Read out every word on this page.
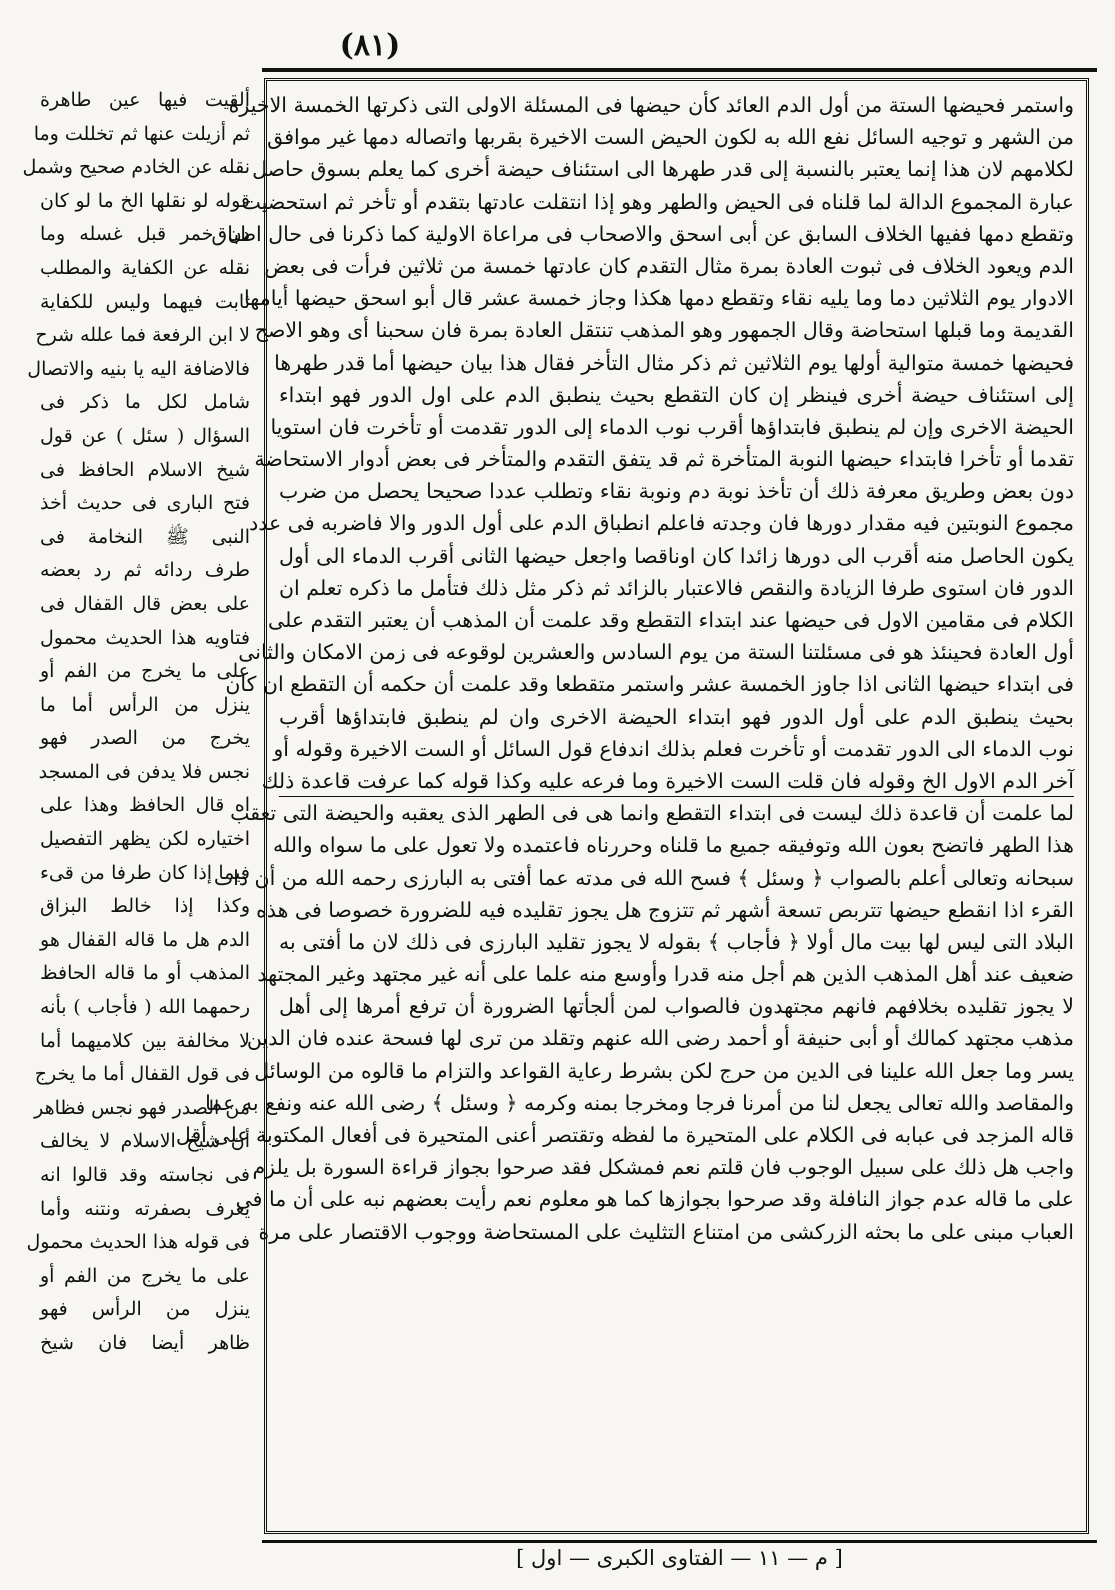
(٨١)
واستمر فحيضها الستة من أول الدم العائد كأن حيضها فى المسئلة الاولى التى ذكرتها الخمسة الاخيرة
من الشهر و توجيه السائل نفع الله به لكون الحيض الست الاخيرة بقربها واتصاله دمها غير موافق
لكلامهم لان هذا إنما يعتبر بالنسبة إلى قدر طهرها الى استئناف حيضة أخرى كما يعلم بسوق حاصل
عبارة المجموع الدالة لما قلناه فى الحيض والطهر وهو إذا انتقلت عادتها بتقدم أو تأخر ثم استحضيت
وتقطع دمها ففيها الخلاف السابق عن أبى اسحق والاصحاب فى مراعاة الاولية كما ذكرنا فى حال اطباق
الدم ويعود الخلاف فى ثبوت العادة بمرة مثال التقدم كان عادتها خمسة من ثلاثين فرأت فى بعض
الادوار يوم الثلاثين دما وما يليه نقاء وتقطع دمها هكذا وجاز خمسة عشر قال أبو اسحق حيضها أيامها
القديمة وما قبلها استحاضة وقال الجمهور وهو المذهب تنتقل العادة بمرة فان سحبنا أى وهو الاصح
فحيضها خمسة متوالية أولها يوم الثلاثين ثم ذكر مثال التأخر فقال هذا بيان حيضها أما قدر طهرها
إلى استئناف حيضة أخرى فينظر إن كان التقطع بحيث ينطبق الدم على اول الدور فهو ابتداء
الحيضة الاخرى وإن لم ينطبق فابتداؤها أقرب نوب الدماء إلى الدور تقدمت أو تأخرت فان استويا
تقدما أو تأخرا فابتداء حيضها النوبة المتأخرة ثم قد يتفق التقدم والمتأخر فى بعض أدوار الاستحاضة
دون بعض وطريق معرفة ذلك أن تأخذ نوبة دم ونوبة نقاء وتطلب عددا صحيحا يحصل من ضرب
مجموع النوبتين فيه مقدار دورها فان وجدته فاعلم انطباق الدم على أول الدور والا فاضربه فى عدد
يكون الحاصل منه أقرب الى دورها زائدا كان اوناقصا واجعل حيضها الثانى أقرب الدماء الى أول
الدور فان استوى طرفا الزيادة والنقص فالاعتبار بالزائد ثم ذكر مثل ذلك فتأمل ما ذكره تعلم ان
الكلام فى مقامين الاول فى حيضها عند ابتداء التقطع وقد علمت أن المذهب أن يعتبر التقدم على
أول العادة فحينئذ هو فى مسئلتنا الستة من يوم السادس والعشرين لوقوعه فى زمن الامكان والثانى
فى ابتداء حيضها الثانى اذا جاوز الخمسة عشر واستمر متقطعا وقد علمت أن حكمه أن التقطع ان كان
بحيث ينطبق الدم على أول الدور فهو ابتداء الحيضة الاخرى وان لم ينطبق فابتداؤها أقرب
نوب الدماء الى الدور تقدمت أو تأخرت فعلم بذلك اندفاع قول السائل أو الست الاخيرة وقوله أو
آخر الدم الاول الخ وقوله فان قلت الست الاخيرة وما فرعه عليه وكذا قوله كما عرفت قاعدة ذلك
لما علمت أن قاعدة ذلك ليست فى ابتداء التقطع وانما هى فى الطهر الذى يعقبه والحيضة التى تعقب
هذا الطهر فاتضح بعون الله وتوفيقه جميع ما قلناه وحررناه فاعتمده ولا تعول على ما سواه والله
سبحانه وتعالى أعلم بالصواب ﴿ وسئل ﴾ فسح الله فى مدته عما أفتى به البارزى رحمه الله من أن ذات
القرء اذا انقطع حيضها تتربص تسعة أشهر ثم تتزوج هل يجوز تقليده فيه للضرورة خصوصا فى هذه
البلاد التى ليس لها بيت مال أولا ﴿ فأجاب ﴾ بقوله لا يجوز تقليد البارزى فى ذلك لان ما أفتى به
ضعيف عند أهل المذهب الذين هم أجل منه قدرا وأوسع منه علما على أنه غير مجتهد وغير المجتهد
لا يجوز تقليده بخلافهم فانهم مجتهدون فالصواب لمن ألجأتها الضرورة أن ترفع أمرها إلى أهل
مذهب مجتهد كمالك أو أبى حنيفة أو أحمد رضى الله عنهم وتقلد من ترى لها فسحة عنده فان الدين
يسر وما جعل الله علينا فى الدين من حرج لكن بشرط رعاية القواعد والتزام ما قالوه من الوسائل
والمقاصد والله تعالى يجعل لنا من أمرنا فرجا ومخرجا بمنه وكرمه ﴿ وسئل ﴾ رضى الله عنه ونفع به عما
قاله المزجد فى عبابه فى الكلام على المتحيرة ما لفظه وتقتصر أعنى المتحيرة فى أفعال المكتوبة على أقل
واجب هل ذلك على سبيل الوجوب فان قلتم نعم فمشكل فقد صرحوا بجواز قراءة السورة بل يلزم
على ما قاله عدم جواز النافلة وقد صرحوا بجوازها كما هو معلوم نعم رأيت بعضهم نبه على أن ما فى
العباب مبنى على ما بحثه الزركشى من امتناع التثليث على المستحاضة ووجوب الاقتصار على مرة
ألقيت فيها عين طاهرة
ثم أزيلت عنها ثم تخللت وما
نقله عن الخادم صحيح وشمل
قوله لو نقلها الخ ما لو كان
دن خمر قبل غسله وما
نقله عن الكفاية والمطلب
ثابت فيهما وليس للكفاية
لا ابن الرفعة فما علله شرح
فالاضافة اليه يا بنيه والاتصال
شامل لكل ما ذكر فى
السؤال ( سئل ) عن قول
شيخ الاسلام الحافظ فى
فتح البارى فى حديث أخذ
النبى ﷺ النخامة فى
طرف ردائه ثم رد بعضه
على بعض قال القفال فى
فتاويه هذا الحديث محمول
على ما يخرج من الفم أو
ينزل من الرأس أما ما
يخرج من الصدر فهو
نجس فلا يدفن فى المسجد
اه قال الحافظ وهذا على
اختياره لكن يظهر التفصيل
فيما إذا كان طرفا من قىء
وكذا إذا خالط البزاق
الدم هل ما قاله القفال هو
المذهب أو ما قاله الحافظ
رحمهما الله ( فأجاب ) بأنه
لا مخالفة بين كلاميهما أما
فى قول القفال أما ما يخرج
من الصدر فهو نجس فظاهر
أن شيخ الاسلام لا يخالف
فى نجاسته وقد قالوا انه
يعرف بصفرته ونتنه وأما
فى قوله هذا الحديث محمول
على ما يخرج من الفم أو
ينزل من الرأس فهو
ظاهر أيضا فان شيخ
[ م — ١١ — الفتاوى الكبرى — اول ]
